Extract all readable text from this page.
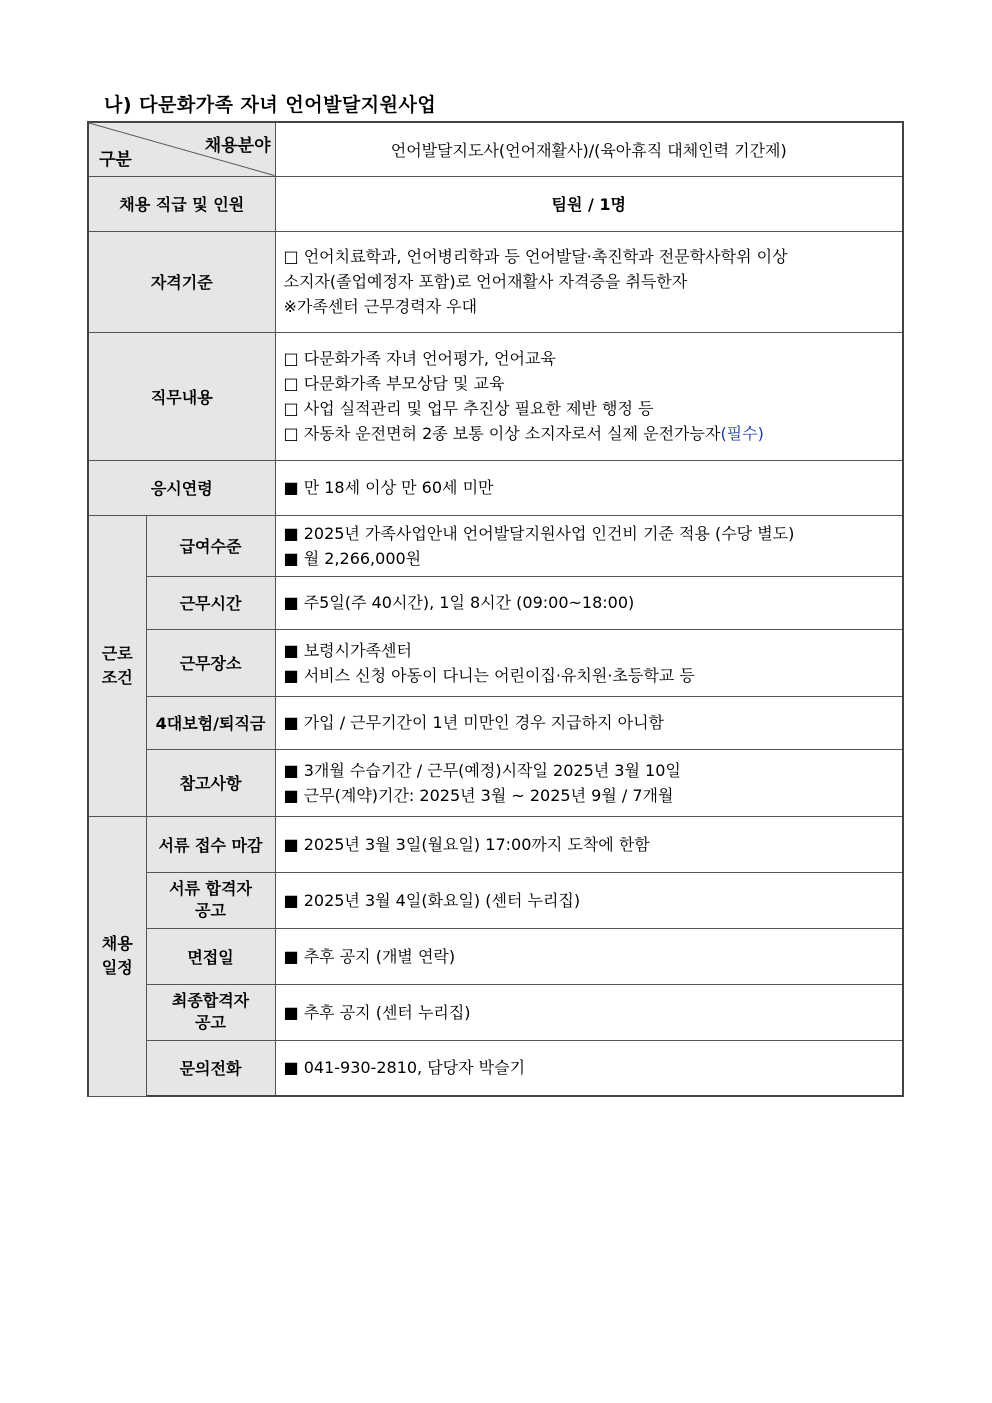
나) 다문화가족 자녀 언어발달지원사업
채용분야
구분		언어발달지도사(언어재활사)/(육아휴직 대체인력 기간제)
채용 직급 및 인원		팀원 / 1명
자격기준		□ 언어치료학과, 언어병리학과 등 언어발달·촉진학과 전문학사학위 이상
소지자(졸업예정자 포함)로 언어재활사 자격증을 취득한자
※가족센터 근무경력자 우대

직무내용		□ 다문화가족 자녀 언어평가, 언어교육
□ 다문화가족 부모상담 및 교육
□ 사업 실적관리 및 업무 추진상 필요한 제반 행정 등
□ 자동차 운전면허 2종 보통 이상 소지자로서 실제 운전가능자(필수)

응시연령		■ 만 18세 이상 만 60세 미만

근로
조건	급여수준	■ 2025년 가족사업안내 언어발달지원사업 인건비 기준 적용 (수당 별도)
■ 월 2,266,000원

	근무시간	■ 주5일(주 40시간), 1일 8시간 (09:00~18:00)
	근무장소	■ 보령시가족센터
■ 서비스 신청 아동이 다니는 어린이집·유치원·초등학교 등

	4대보험/퇴직금	■ 가입 / 근무기간이 1년 미만인 경우 지급하지 아니함
	참고사항	■ 3개월 수습기간 / 근무(예정)시작일 2025년 3월 10일
■ 근무(계약)기간: 2025년 3월 ~ 2025년 9월 / 7개월

채용
일정	서류 접수 마감	■ 2025년 3월 3일(월요일) 17:00까지 도착에 한함

	서류 합격자
공고	■ 2025년 3월 4일(화요일) (센터 누리집)
	면접일	■ 추후 공지 (개별 연락)

	최종합격자
공고	■ 추후 공지 (센터 누리집)
	문의전화	■ 041-930-2810, 담당자 박슬기
